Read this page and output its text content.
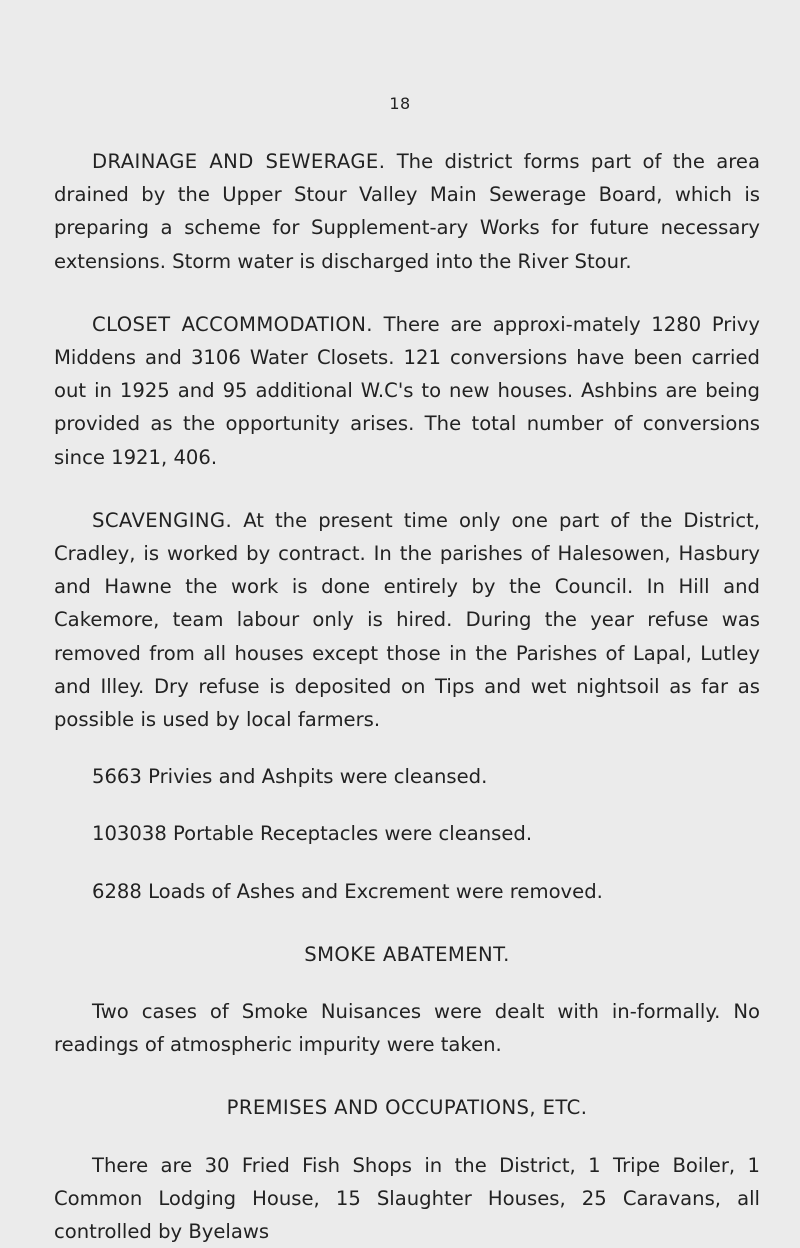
18

DRAINAGE AND SEWERAGE. The district forms part of the area drained by the Upper Stour Valley Main Sewerage Board, which is preparing a scheme for Supplement-ary Works for future necessary extensions. Storm water is discharged into the River Stour.

CLOSET ACCOMMODATION. There are approxi-mately 1280 Privy Middens and 3106 Water Closets. 121 conversions have been carried out in 1925 and 95 additional W.C's to new houses. Ashbins are being provided as the opportunity arises. The total number of conversions since 1921, 406.

SCAVENGING. At the present time only one part of the District, Cradley, is worked by contract. In the parishes of Halesowen, Hasbury and Hawne the work is done entirely by the Council. In Hill and Cakemore, team labour only is hired. During the year refuse was removed from all houses except those in the Parishes of Lapal, Lutley and Illey. Dry refuse is deposited on Tips and wet nightsoil as far as possible is used by local farmers.

5663 Privies and Ashpits were cleansed.

103038 Portable Receptacles were cleansed.

6288 Loads of Ashes and Excrement were removed.

SMOKE ABATEMENT.

Two cases of Smoke Nuisances were dealt with in-formally. No readings of atmospheric impurity were taken.

PREMISES AND OCCUPATIONS, ETC.

There are 30 Fried Fish Shops in the District, 1 Tripe Boiler, 1 Common Lodging House, 15 Slaughter Houses, 25 Caravans, all controlled by Byelaws
